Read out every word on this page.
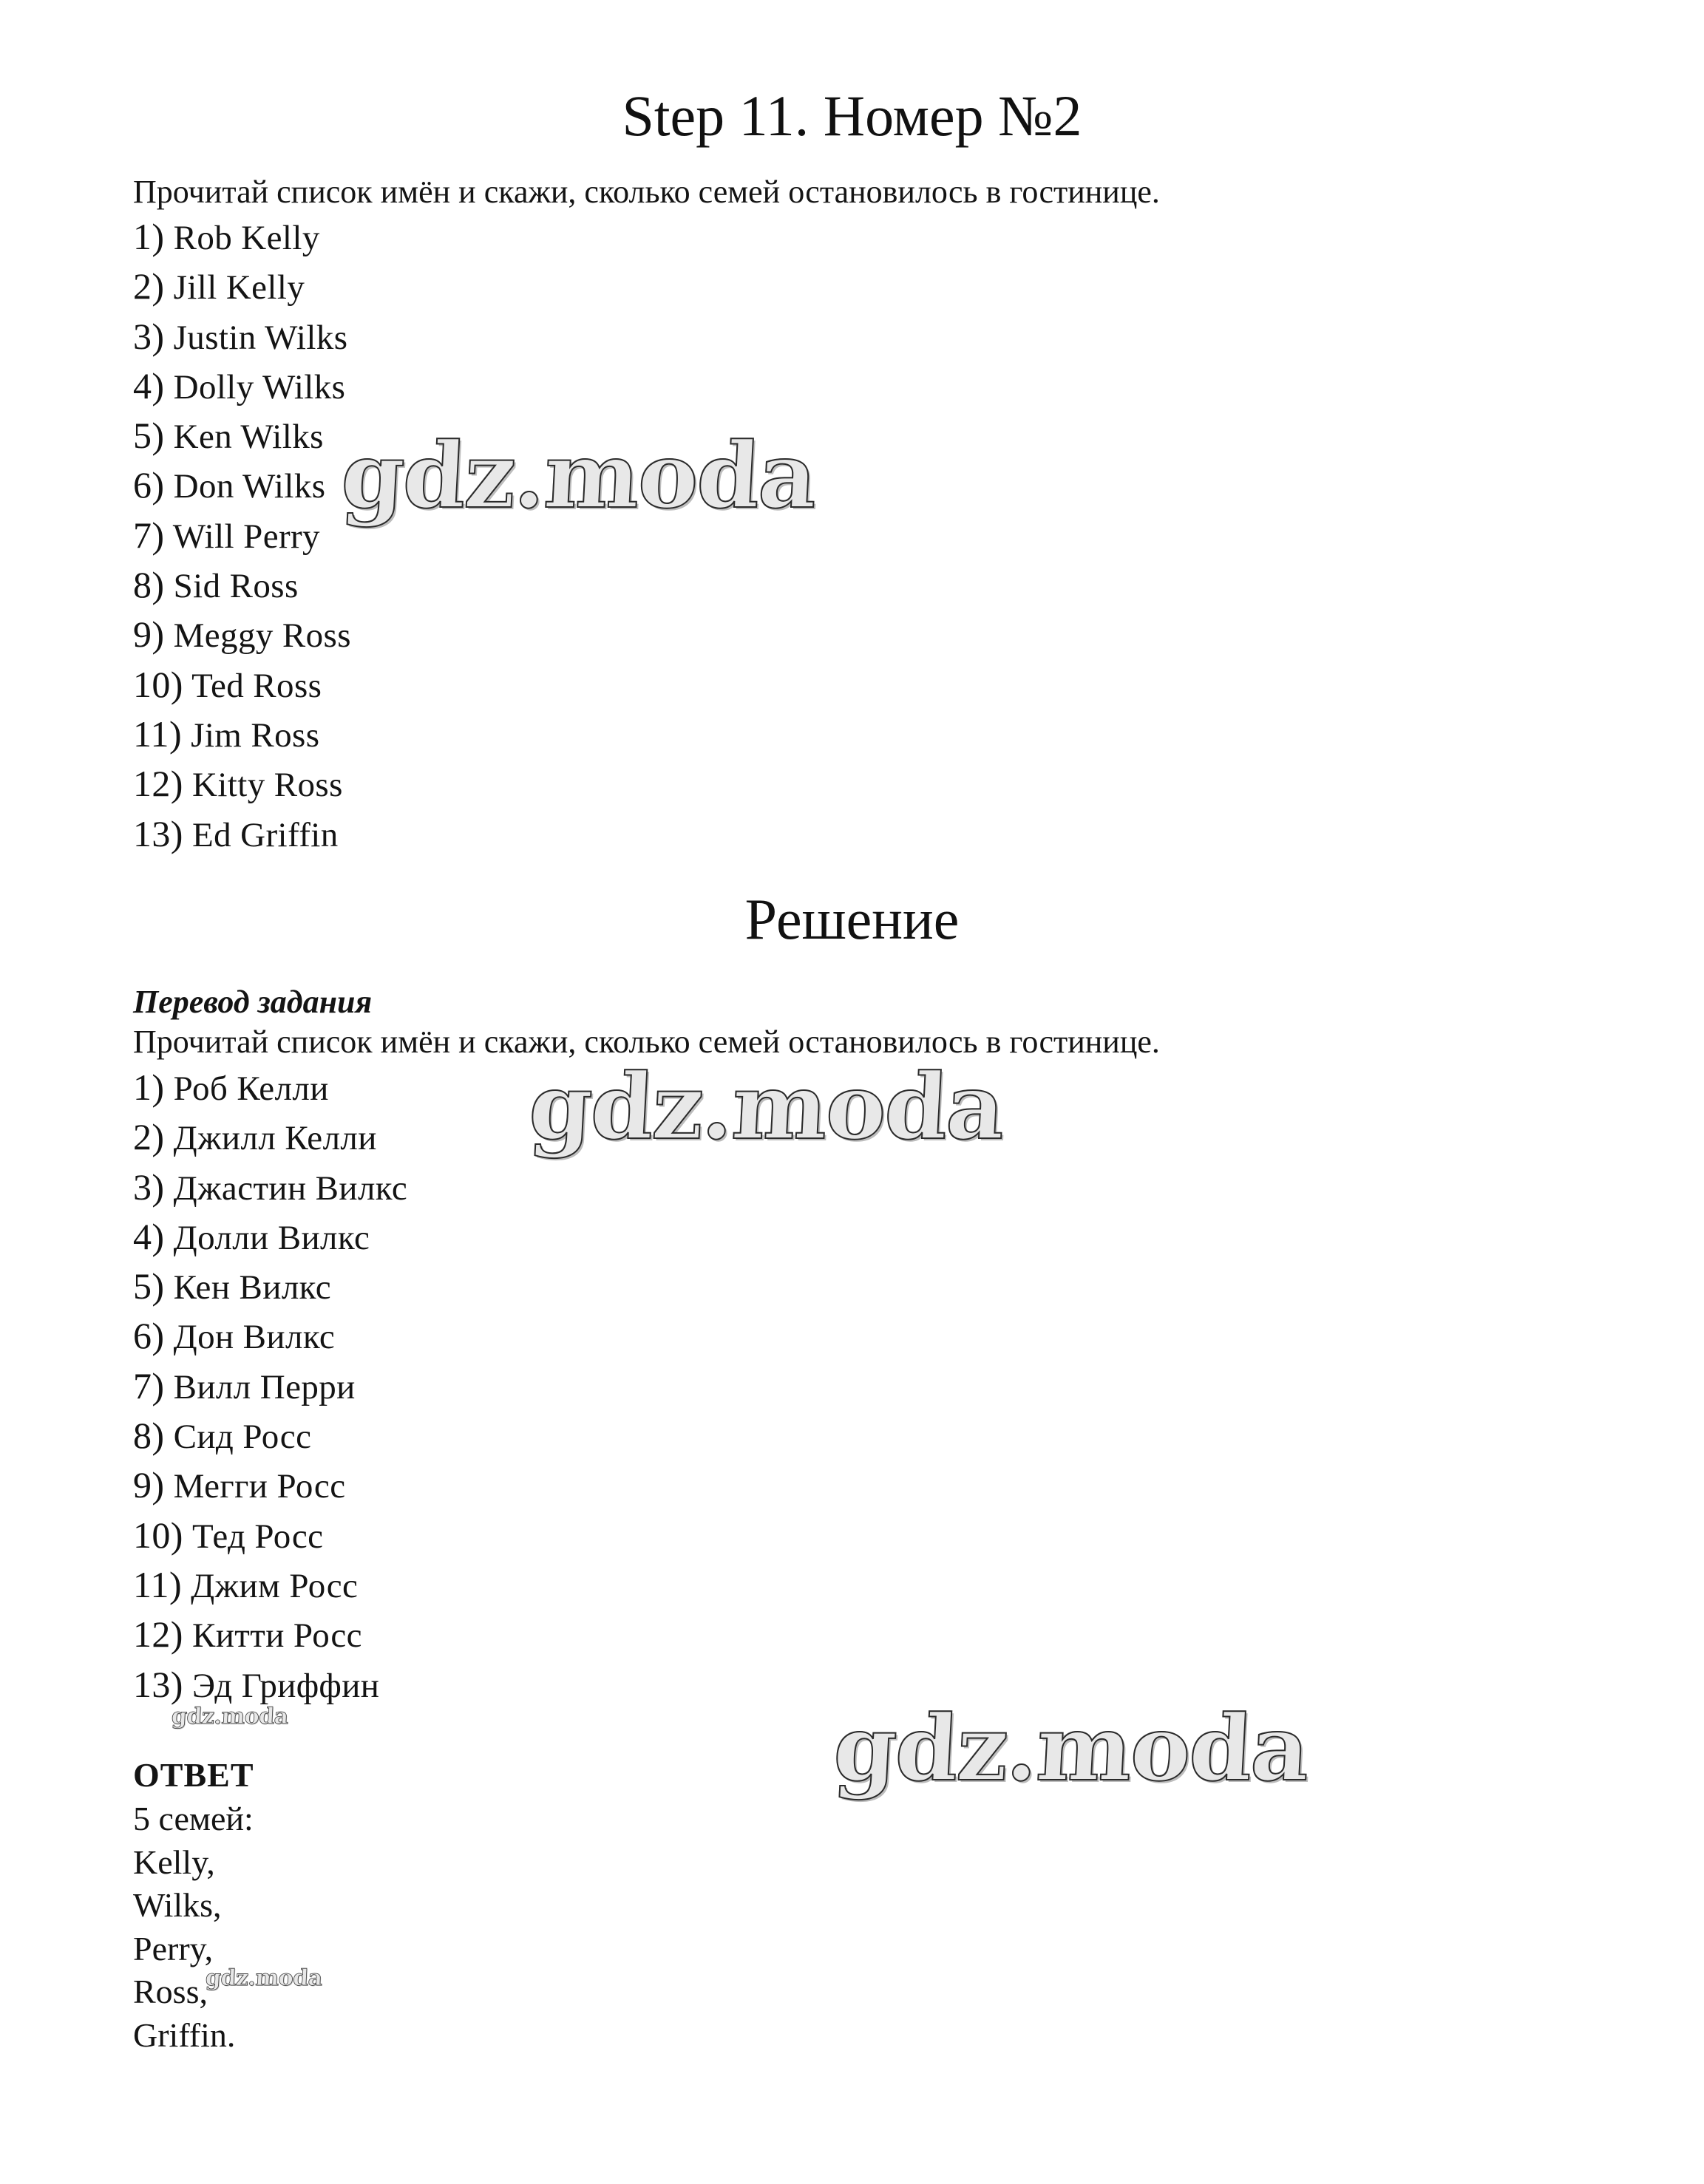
Step 11. Номер №2

Прочитай список имён и скажи, сколько семей остановилось в гостинице.

1) Rob Kelly
2) Jill Kelly
3) Justin Wilks
4) Dolly Wilks
5) Ken Wilks
6) Don Wilks
7) Will Perry
8) Sid Ross
9) Meggy Ross
10) Ted Ross
11) Jim Ross
12) Kitty Ross
13) Ed Griffin
Решение

Перевод задания

Прочитай список имён и скажи, сколько семей остановилось в гостинице.

1) Роб Келли
2) Джилл Келли
3) Джастин Вилкс
4) Долли Вилкс
5) Кен Вилкс
6) Дон Вилкс
7) Вилл Перри
8) Сид Росс
9) Мегги Росс
10) Тед Росс
11) Джим Росс
12) Китти Росс
13) Эд Гриффин

ОТВЕТ

5 семей:
Kelly,
Wilks,
Perry,
Ross,
Griffin.
gdz.moda
gdz.moda
gdz.moda
gdz.moda
gdz.moda
